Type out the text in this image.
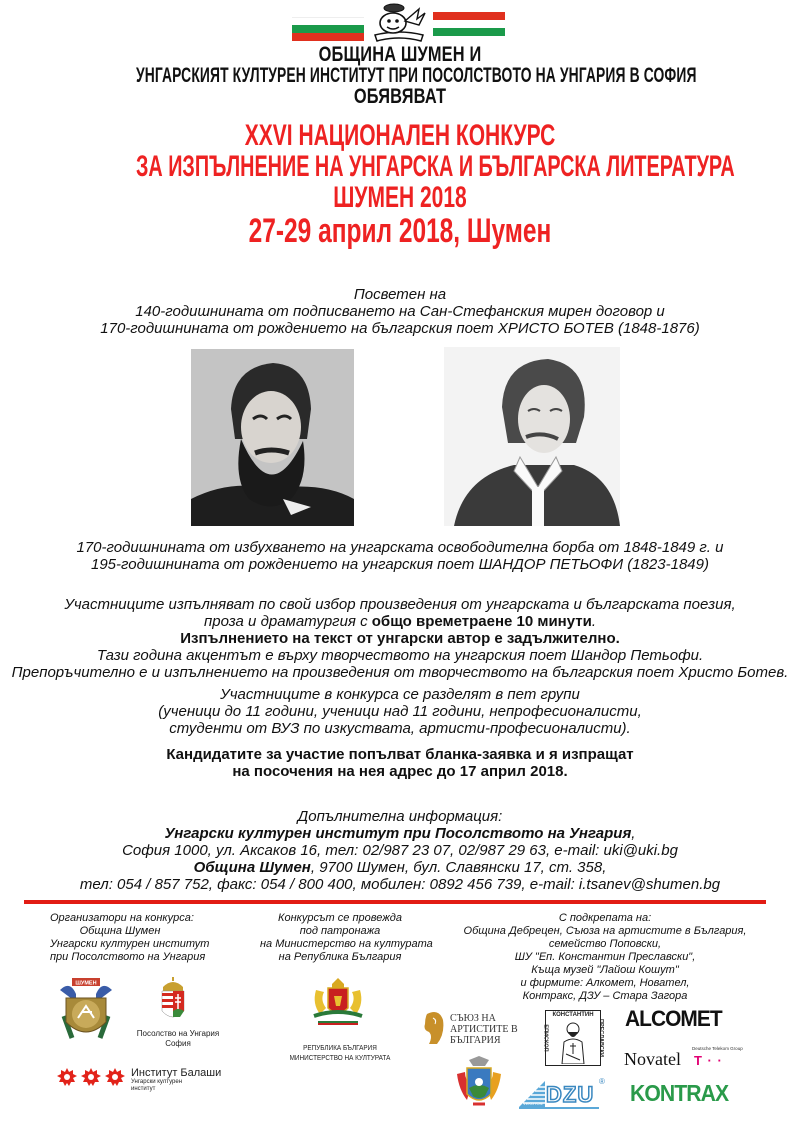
ОБЩИНА ШУМЕН И
УНГАРСКИЯТ КУЛТУРЕН ИНСТИТУТ ПРИ ПОСОЛСТВОТО НА УНГАРИЯ В СОФИЯ
ОБЯВЯВАТ
XXVI НАЦИОНАЛЕН КОНКУРС
ЗА ИЗПЪЛНЕНИЕ НА УНГАРСКА И БЪЛГАРСКА ЛИТЕРАТУРА
ШУМЕН 2018
27-29 април 2018, Шумен
Посветен на
140-годишнината от подписването на Сан-Стефанския мирен договор и
170-годишнината от рождението на българския поет ХРИСТО БОТЕВ (1848-1876)
170-годишнината от избухването на унгарската освободителна борба от 1848-1849 г. и
195-годишнината от рождението на унгарския поет ШАНДОР ПЕТЬОФИ (1823-1849)
Участниците изпълняват по свой избор произведения от унгарската и българската поезия,
проза и драматургия с общо времетраене 10 минути.
Изпълнението на текст от унгарски автор е задължително.
Тази година акцентът е върху творчеството на унгарския поет Шандор Петьофи.
Препоръчително е и изпълнението на произведения от творчеството на българския поет Христо Ботев.
Участниците в конкурса се разделят в пет групи
(ученици до 11 години, ученици над 11 години, непрофесионалисти,
студенти от ВУЗ по изкуствата, артисти-професионалисти).
Кандидатите за участие попълват бланка-заявка и я изпращат
на посочения на нея адрес до 17 април 2018.
Допълнителна информация:
Унгарски културен институт при Посолството на Унгария,
София 1000, ул. Аксаков 16, тел: 02/987 23 07, 02/987 29 63, e-mail: uki@uki.bg
Община Шумен, 9700 Шумен, бул. Славянски 17, ст. 358,
тел: 054 / 857 752, факс: 054 / 800 400, мобилен: 0892 456 739, e-mail: i.tsanev@shumen.bg
Организатори на конкурса:
Община Шумен
Унгарски културен институт
при Посолството на Унгария
Конкурсът се провежда
под патронажа
на Министерство на културата
на Република България
С подкрепата на:
Община Дебрецен, Съюза на артистите в България,
семейство Поповски,
ШУ "Еп. Константин Преславски",
Къща музей "Лайош Кошут"
и фирмите: Алкомет, Новател,
Контракс, ДЗУ – Стара Загора
ШУМЕН
Посолство на Унгария
София	РЕПУБЛИКА БЪЛГАРИЯ
МИНИСТЕРСТВО НА КУЛТУРАТА
Институт Балаши
Унгарски културен
институт
СЪЮЗ НА
АРТИСТИТЕ В
БЪЛГАРИЯ
КОНСТАНТИН
ЕПИСКОП	ПРЕСЛАВСКИ
ALCOMET
Novatel
Deutsche Telekom Group
T · ·
DZU
VEKOTON
® KONTRAX
